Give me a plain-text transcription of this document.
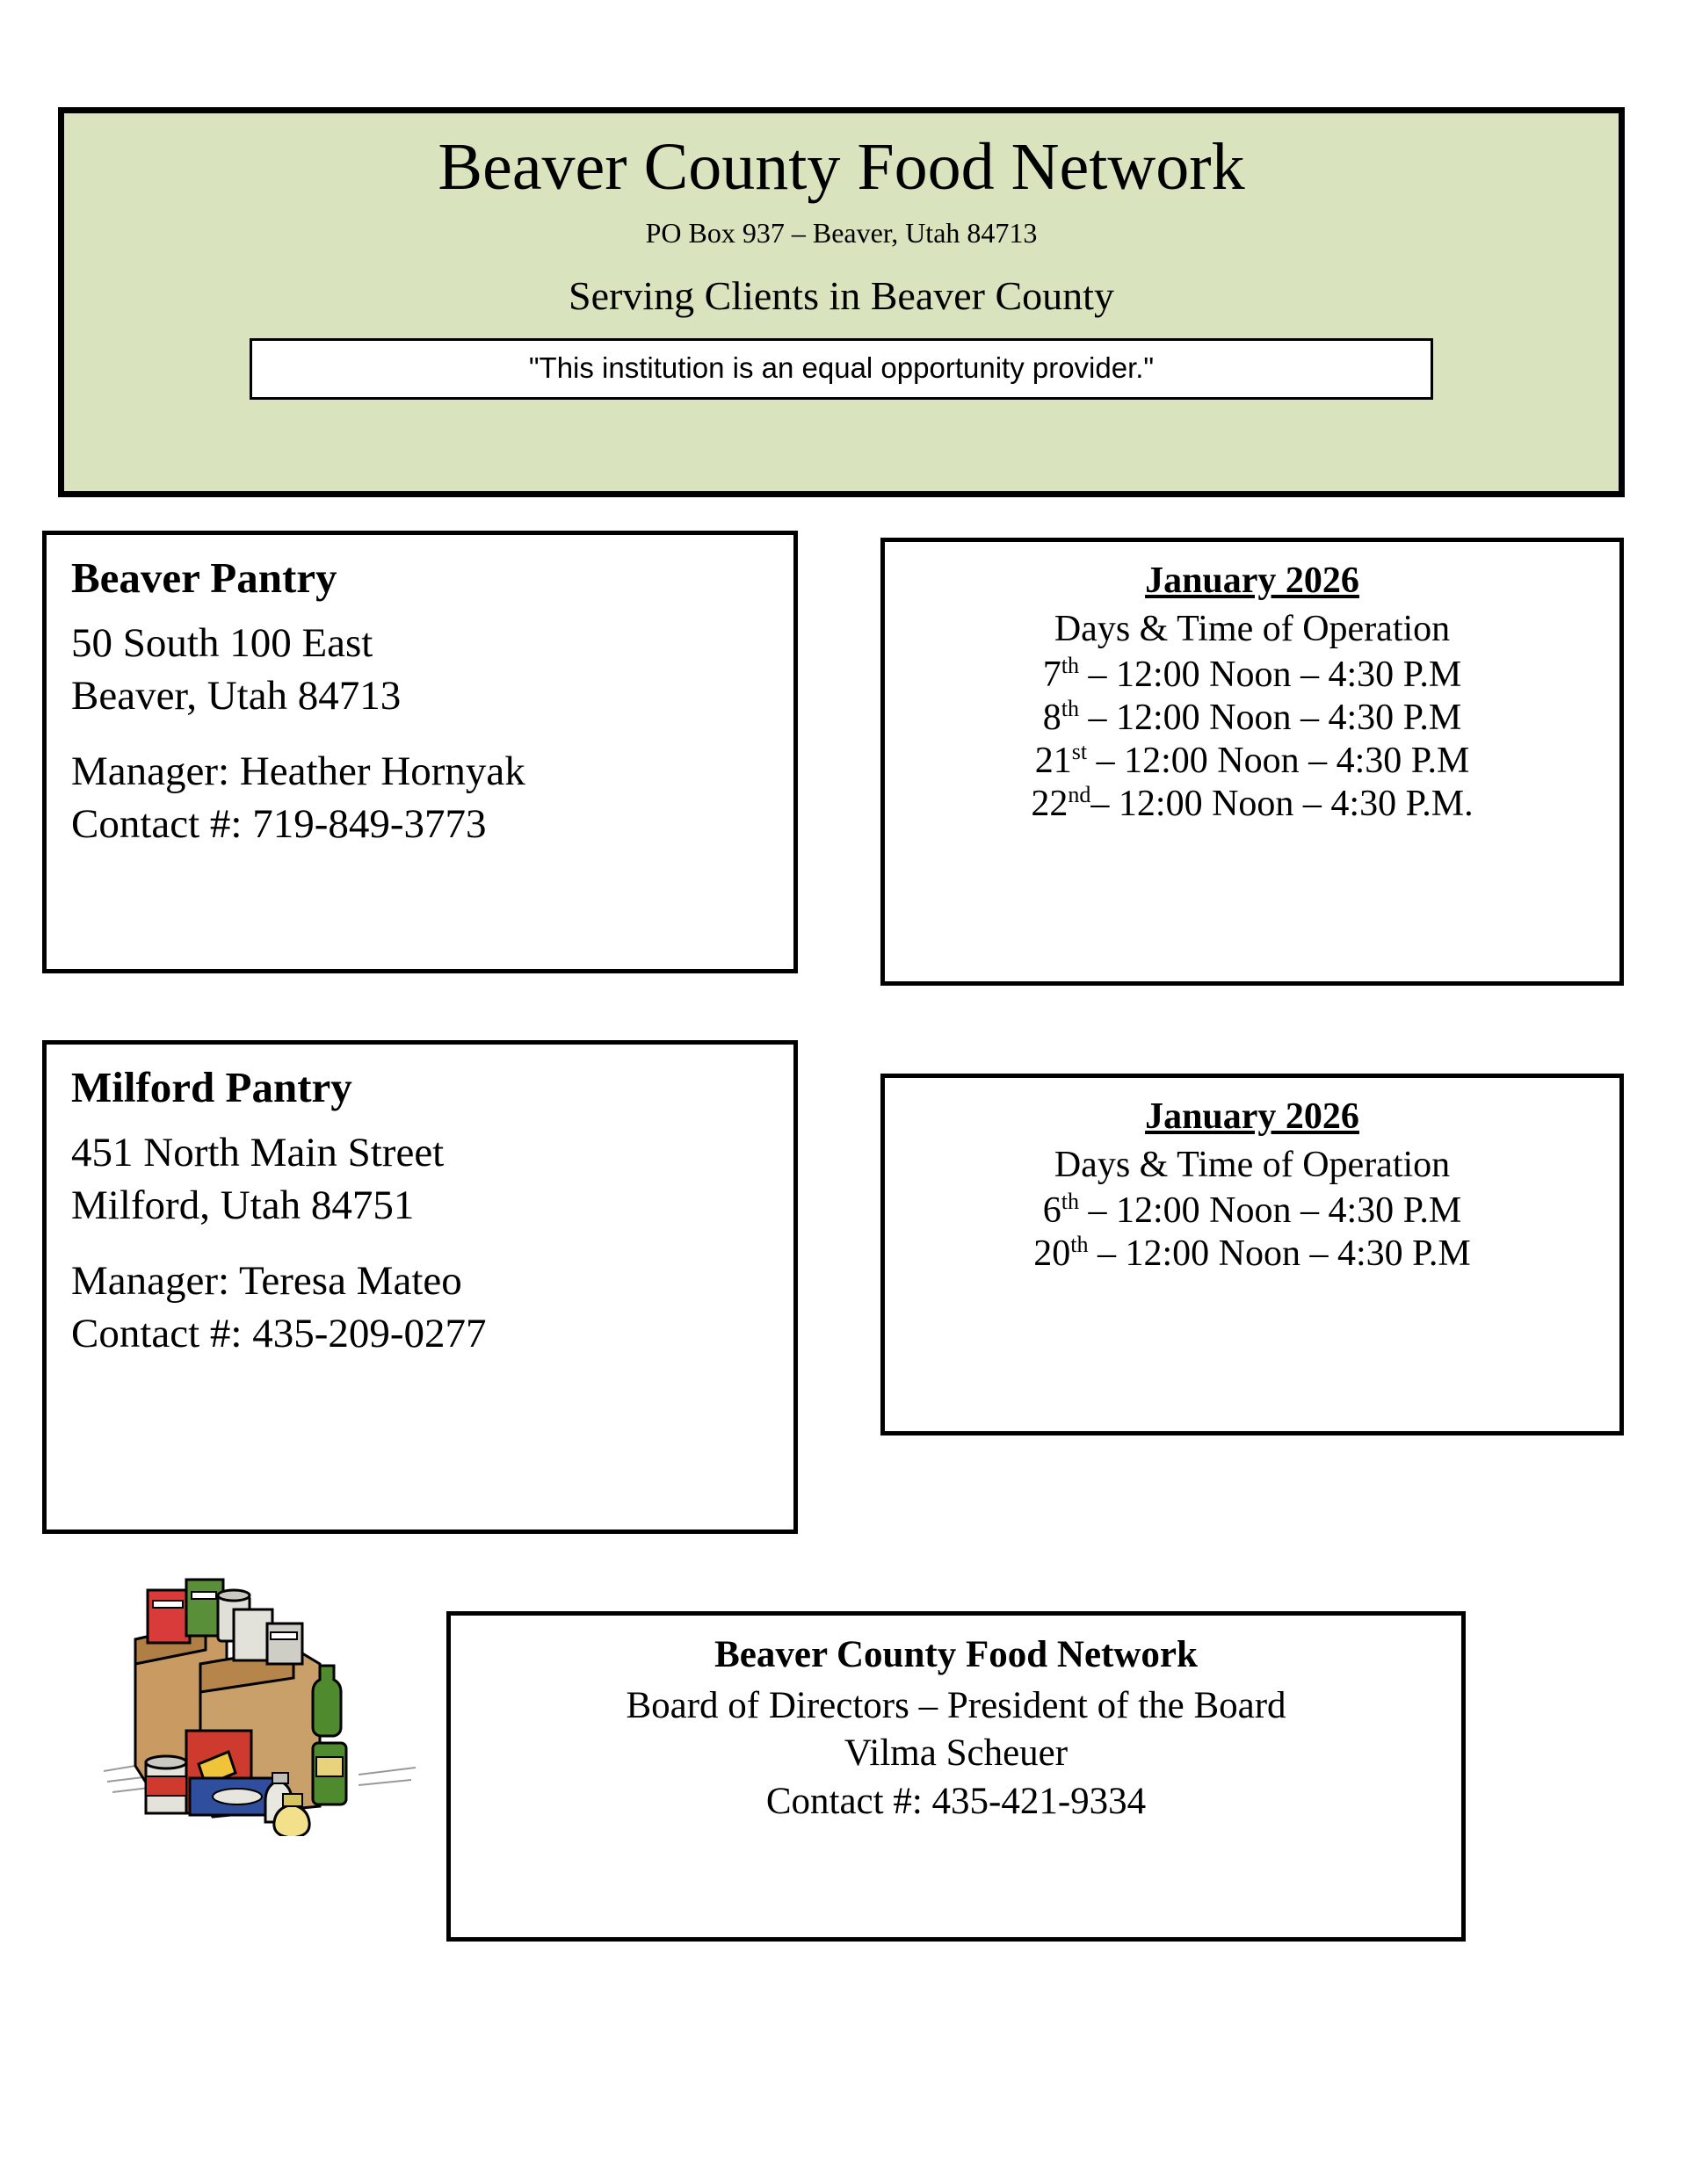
Beaver County Food Network
PO Box 937 – Beaver, Utah 84713
Serving Clients in Beaver County
"This institution is an equal opportunity provider."
Beaver Pantry
50 South 100 East
Beaver, Utah 84713
Manager: Heather Hornyak
Contact #: 719-849-3773
January 2026
Days & Time of Operation
7th – 12:00 Noon – 4:30 P.M
8th – 12:00 Noon – 4:30 P.M
21st – 12:00 Noon – 4:30 P.M
22nd– 12:00 Noon – 4:30 P.M.
Milford Pantry
451 North Main Street
Milford, Utah 84751
Manager: Teresa Mateo
Contact #: 435-209-0277
January 2026
Days & Time of Operation
6th – 12:00 Noon – 4:30 P.M
20th – 12:00 Noon – 4:30 P.M
Beaver County Food Network
Board of Directors – President of the Board
Vilma Scheuer
Contact #: 435-421-9334
